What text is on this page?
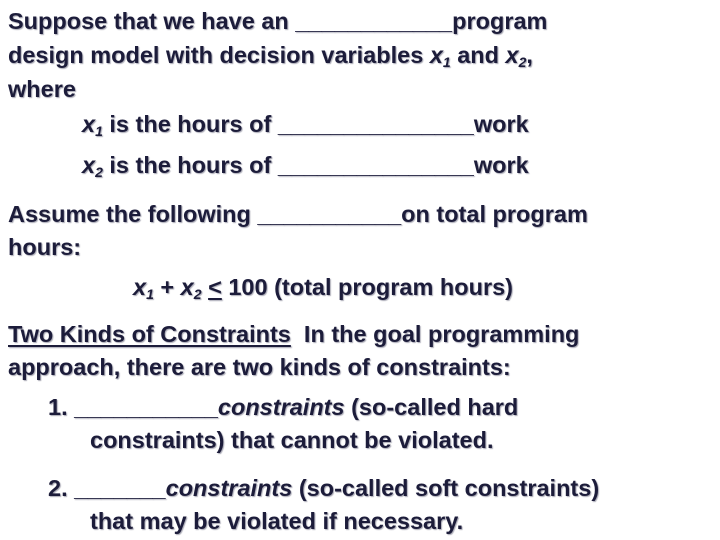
Suppose that we have an ____________program
design model with decision variables $x_1$ and $x_2$,
where
$x_1$ is the hours of _______________work
$x_2$ is the hours of _______________work
Assume the following ___________on total program
hours:
$x_1 + x_2 \le 100$ (total program hours)
Two Kinds of Constraints  In the goal programming
approach, there are two kinds of constraints:
1. ___________constraints (so-called hard
constraints) that cannot be violated.
2. _______constraints (so-called soft constraints)
that may be violated if necessary.
